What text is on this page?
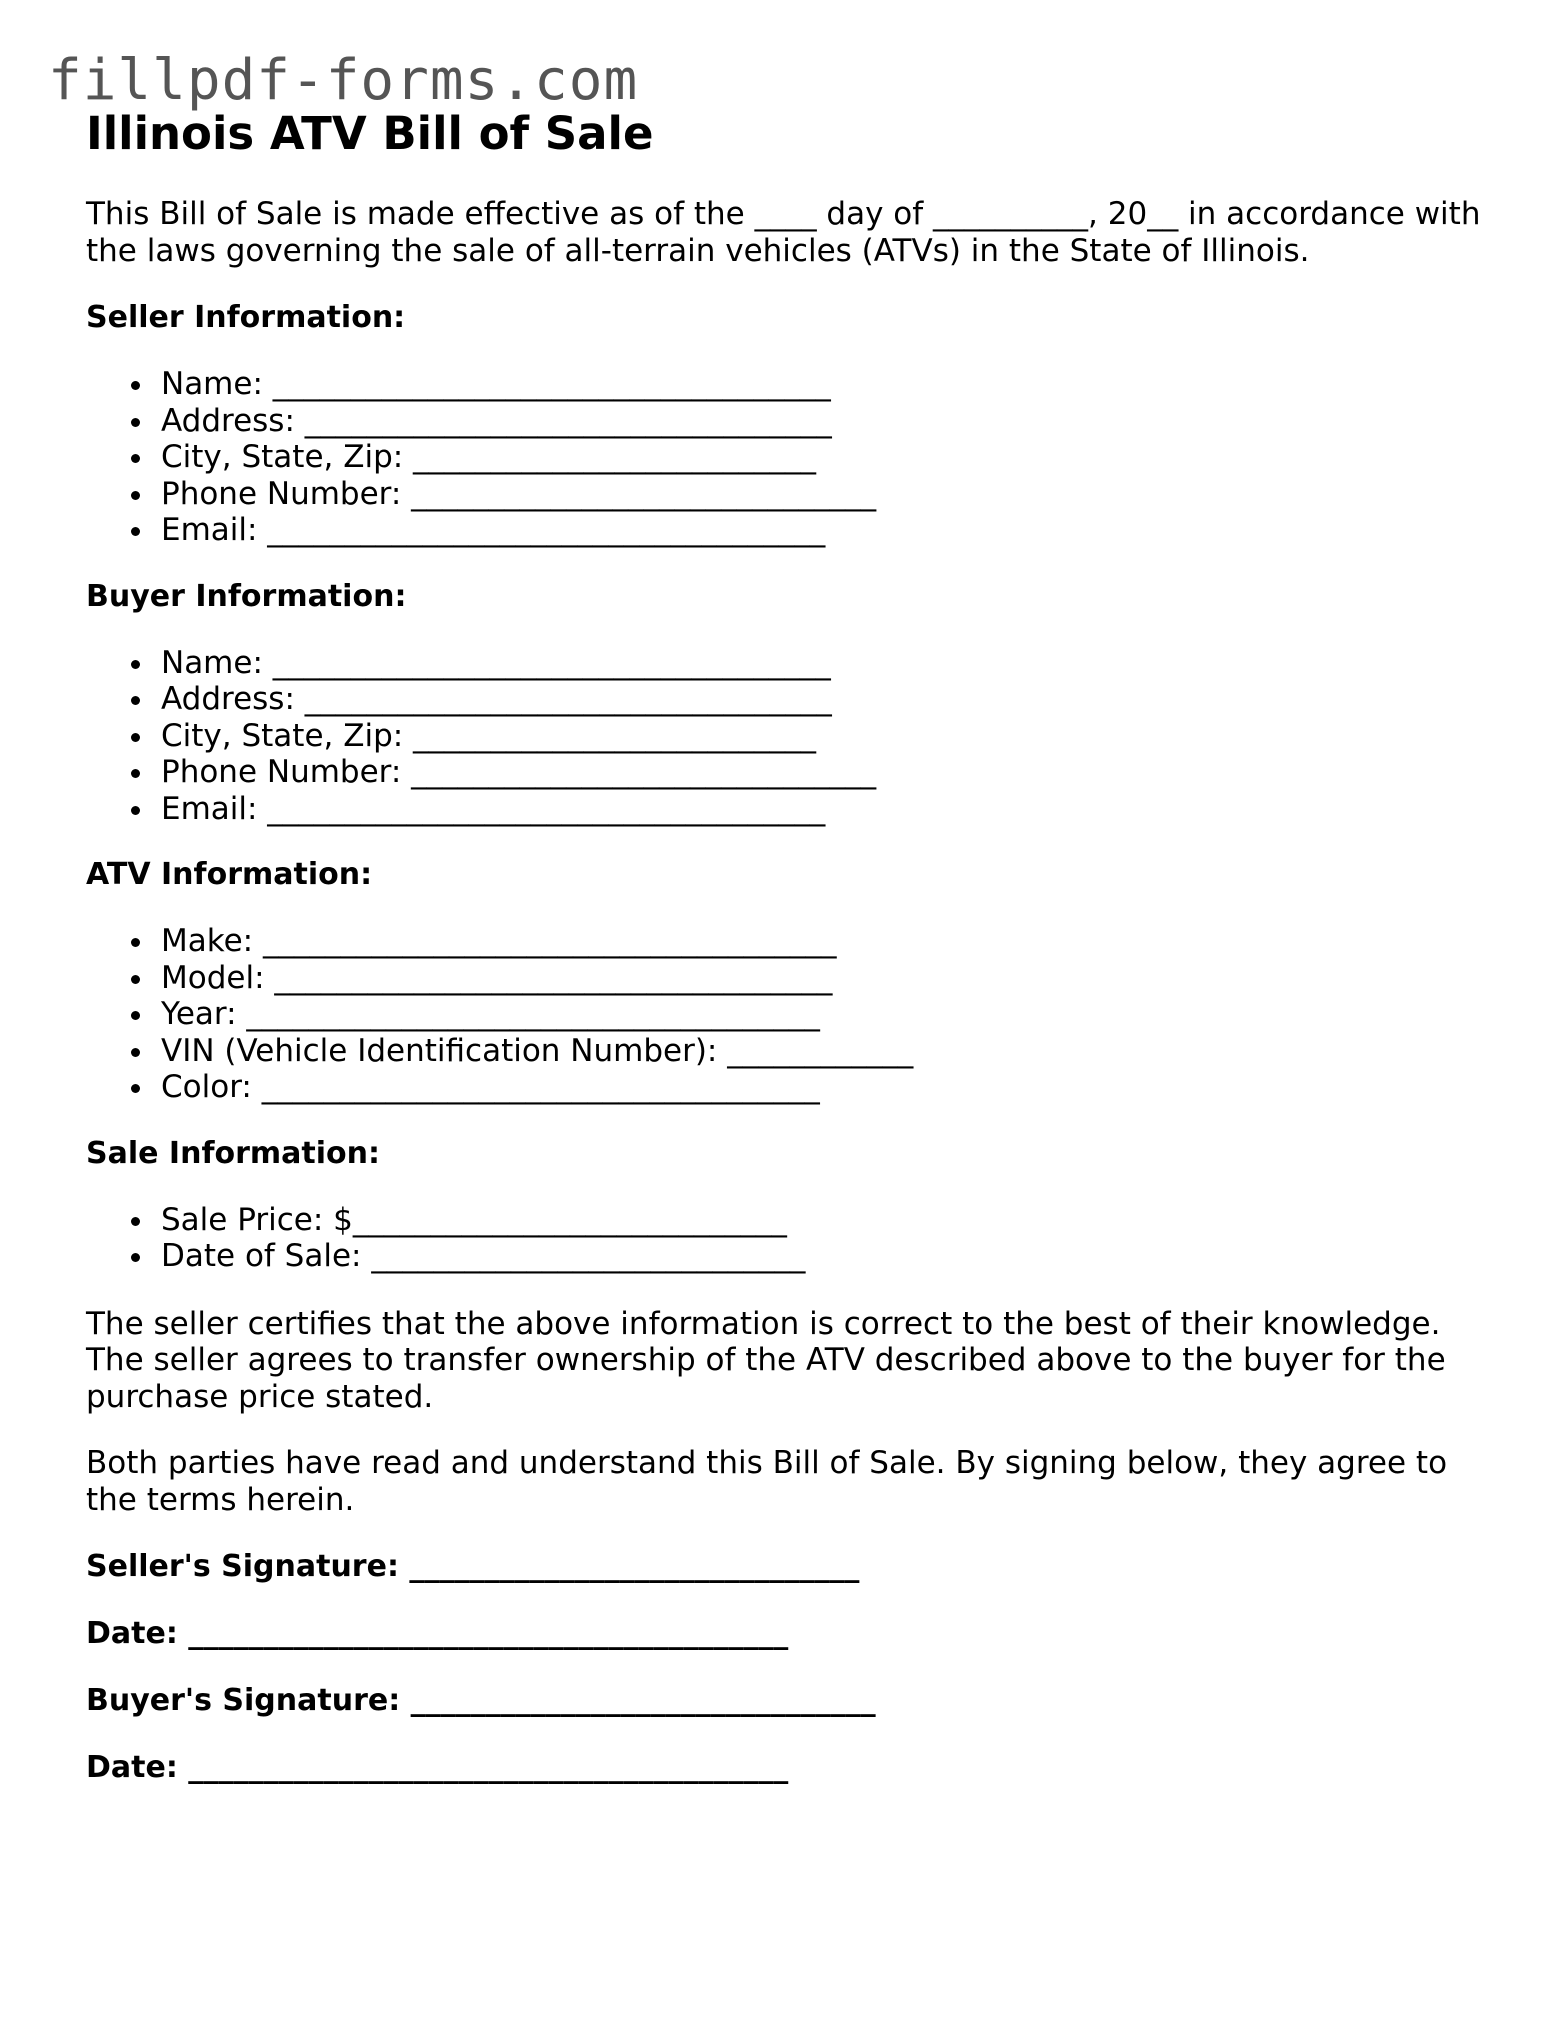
fillpdf-forms.com
Illinois ATV Bill of Sale

This Bill of Sale is made effective as of the ____ day of __________, 20__ in accordance with the laws governing the sale of all-terrain vehicles (ATVs) in the State of Illinois.

Seller Information:
Name: ____________________________________
Address: __________________________________
City, State, Zip: __________________________
Phone Number: ______________________________
Email: ____________________________________
Buyer Information:
Name: ____________________________________
Address: __________________________________
City, State, Zip: __________________________
Phone Number: ______________________________
Email: ____________________________________
ATV Information:
Make: _____________________________________
Model: ____________________________________
Year: _____________________________________
VIN (Vehicle Identification Number): ____________
Color: ____________________________________
Sale Information:
Sale Price: $____________________________
Date of Sale: ____________________________

The seller certifies that the above information is correct to the best of their knowledge. The seller agrees to transfer ownership of the ATV described above to the buyer for the purchase price stated.

Both parties have read and understand this Bill of Sale. By signing below, they agree to the terms herein.

Seller's Signature: ______________________________
Date: ________________________________________
Buyer's Signature: _______________________________
Date: ________________________________________
